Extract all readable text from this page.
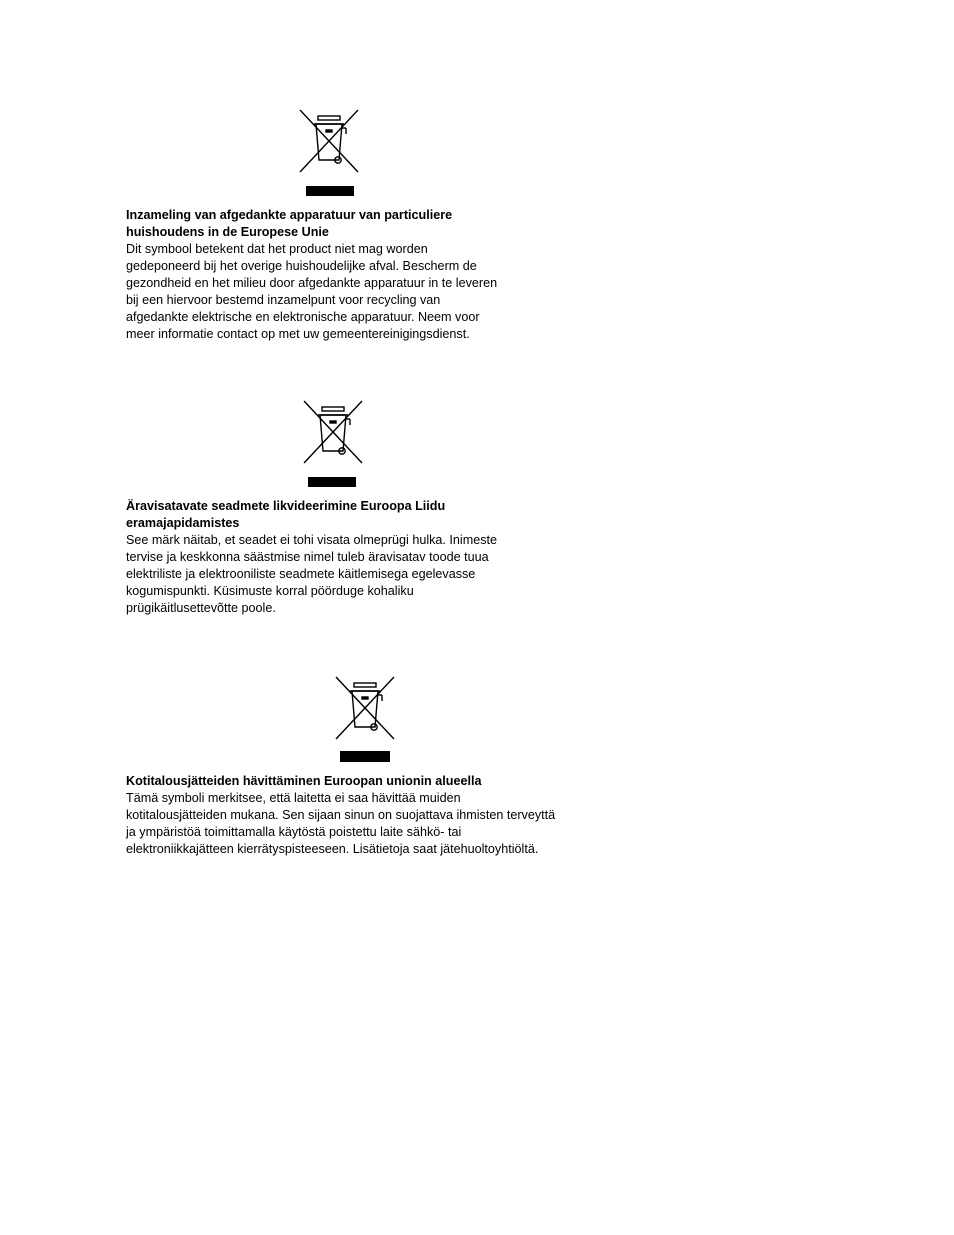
Inzameling van afgedankte apparatuur van particuliere

huishoudens in de Europese Unie

Dit symbool betekent dat het product niet mag worden

gedeponeerd bij het overige huishoudelijke afval. Bescherm de

gezondheid en het milieu door afgedankte apparatuur in te leveren

bij een hiervoor bestemd inzamelpunt voor recycling van

afgedankte elektrische en elektronische apparatuur. Neem voor

meer informatie contact op met uw gemeentereinigingsdienst.

Äravisatavate seadmete likvideerimine Euroopa Liidu

eramajapidamistes

See märk näitab, et seadet ei tohi visata olmeprügi hulka. Inimeste

tervise ja keskkonna säästmise nimel tuleb äravisatav toode tuua

elektriliste ja elektrooniliste seadmete käitlemisega egelevasse

kogumispunkti. Küsimuste korral pöörduge kohaliku

prügikäitlusettevõtte poole.

Kotitalousjätteiden hävittäminen Euroopan unionin alueella

Tämä symboli merkitsee, että laitetta ei saa hävittää muiden

kotitalousjätteiden mukana. Sen sijaan sinun on suojattava ihmisten terveyttä

ja ympäristöä toimittamalla käytöstä poistettu laite sähkö- tai

elektroniikkajätteen kierrätyspisteeseen. Lisätietoja saat jätehuoltoyhtiöltä.
